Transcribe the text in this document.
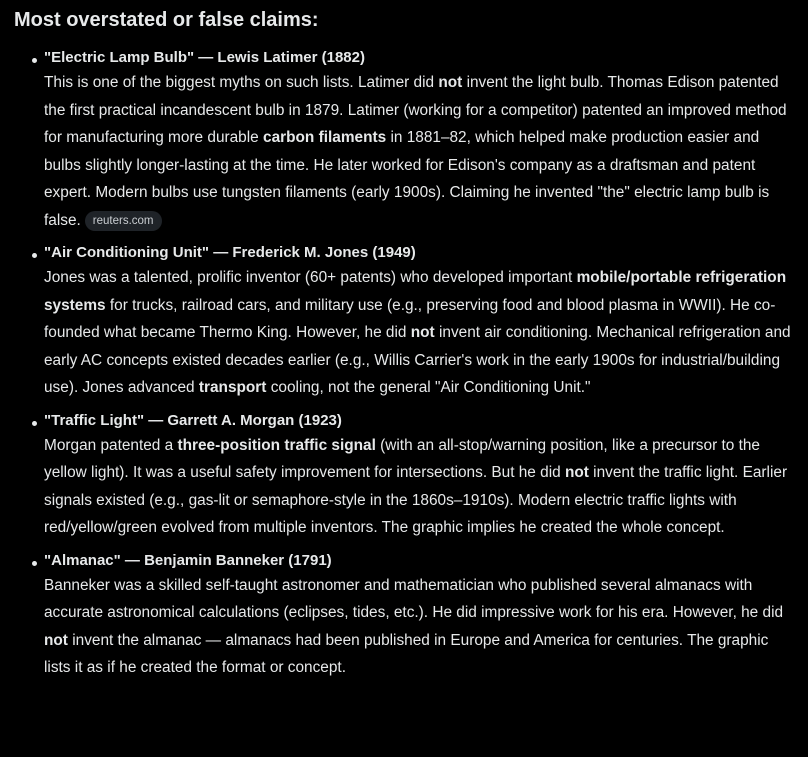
Most overstated or false claims:
"Electric Lamp Bulb" — Lewis Latimer (1882)

This is one of the biggest myths on such lists. Latimer did not invent the light bulb. Thomas Edison patented the first practical incandescent bulb in 1879. Latimer (working for a competitor) patented an improved method for manufacturing more durable carbon filaments in 1881–82, which helped make production easier and bulbs slightly longer-lasting at the time. He later worked for Edison's company as a draftsman and patent expert. Modern bulbs use tungsten filaments (early 1900s). Claiming he invented "the" electric lamp bulb is false. reuters.com

"Air Conditioning Unit" — Frederick M. Jones (1949)

Jones was a talented, prolific inventor (60+ patents) who developed important mobile/portable refrigeration systems for trucks, railroad cars, and military use (e.g., preserving food and blood plasma in WWII). He co-founded what became Thermo King. However, he did not invent air conditioning. Mechanical refrigeration and early AC concepts existed decades earlier (e.g., Willis Carrier's work in the early 1900s for industrial/building use). Jones advanced transport cooling, not the general "Air Conditioning Unit."

"Traffic Light" — Garrett A. Morgan (1923)

Morgan patented a three-position traffic signal (with an all-stop/warning position, like a precursor to the yellow light). It was a useful safety improvement for intersections. But he did not invent the traffic light. Earlier signals existed (e.g., gas-lit or semaphore-style in the 1860s–1910s). Modern electric traffic lights with red/yellow/green evolved from multiple inventors. The graphic implies he created the whole concept.

"Almanac" — Benjamin Banneker (1791)

Banneker was a skilled self-taught astronomer and mathematician who published several almanacs with accurate astronomical calculations (eclipses, tides, etc.). He did impressive work for his era. However, he did not invent the almanac — almanacs had been published in Europe and America for centuries. The graphic lists it as if he created the format or concept.
